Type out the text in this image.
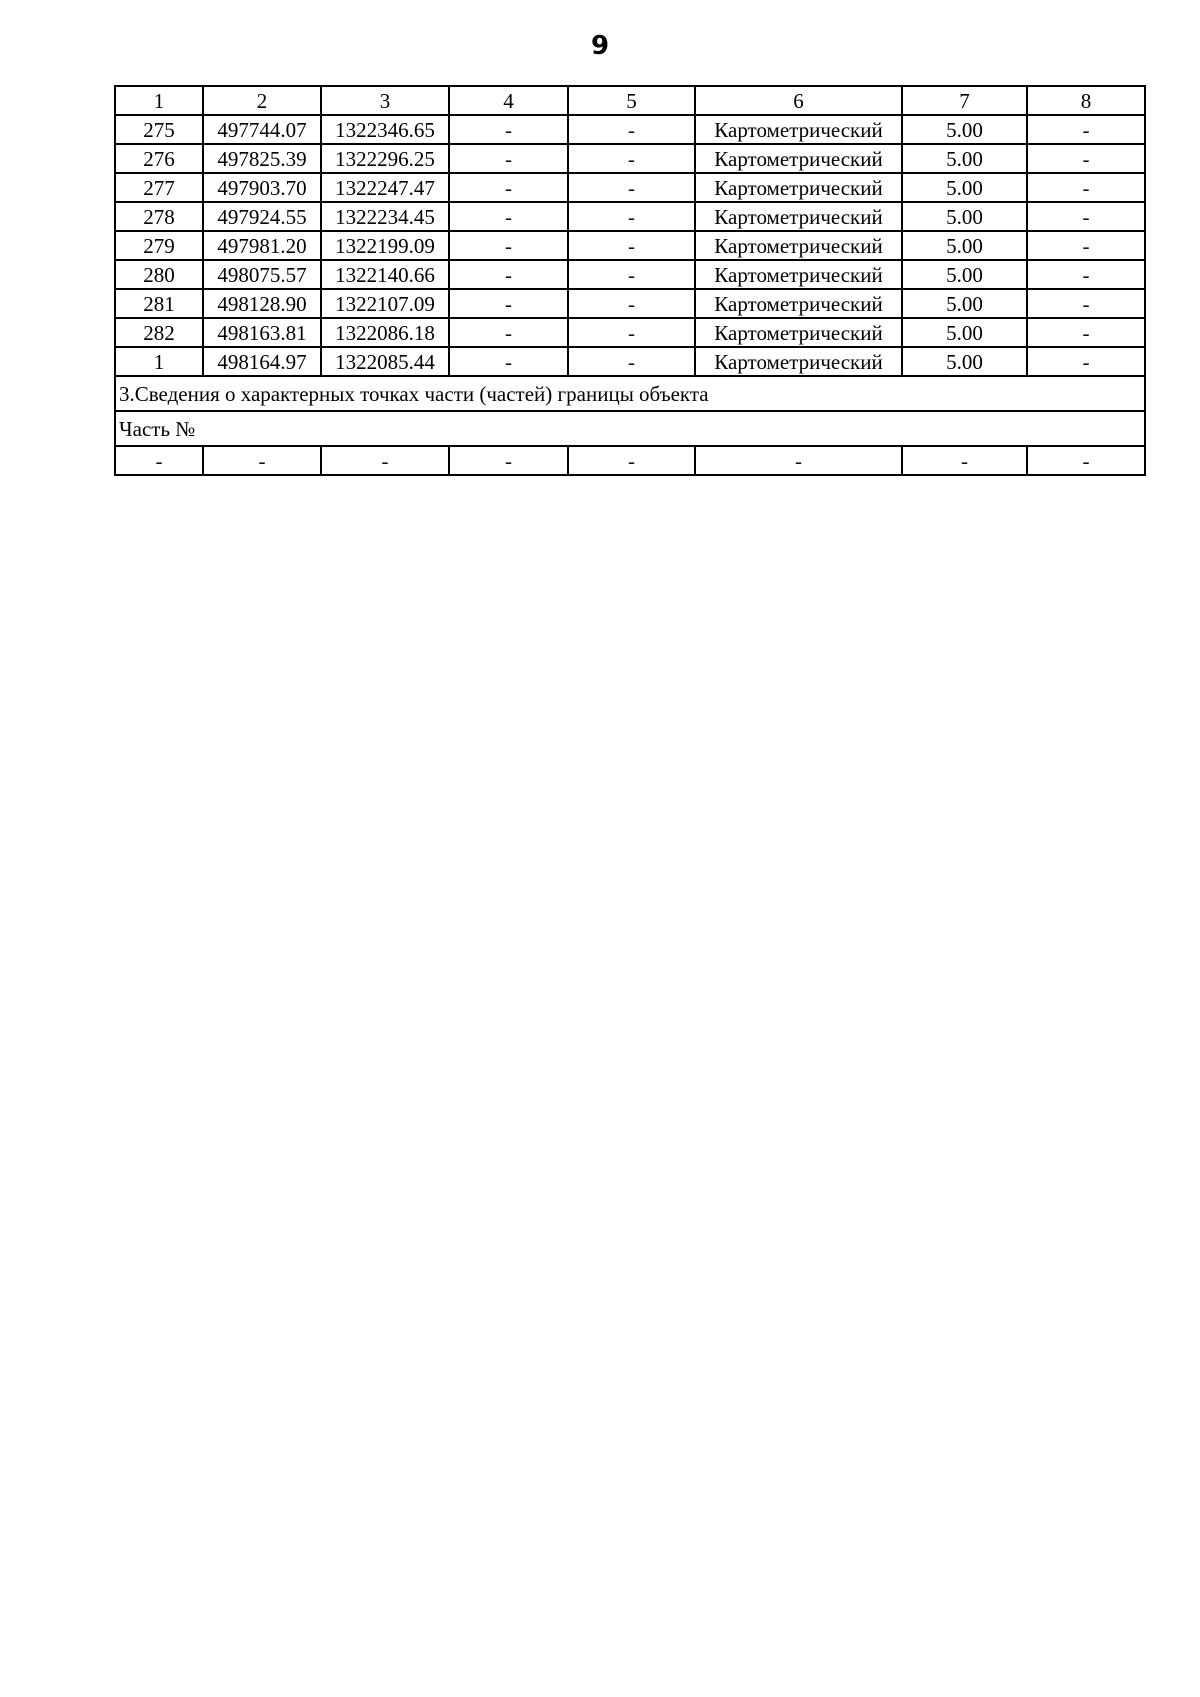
9
1	2	3	4	5	6	7	8
275	497744.07	1322346.65	-	-	Картометрический	5.00	-
276	497825.39	1322296.25	-	-	Картометрический	5.00	-
277	497903.70	1322247.47	-	-	Картометрический	5.00	-
278	497924.55	1322234.45	-	-	Картометрический	5.00	-
279	497981.20	1322199.09	-	-	Картометрический	5.00	-
280	498075.57	1322140.66	-	-	Картометрический	5.00	-
281	498128.90	1322107.09	-	-	Картометрический	5.00	-
282	498163.81	1322086.18	-	-	Картометрический	5.00	-
1	498164.97	1322085.44	-	-	Картометрический	5.00	-
3.Сведения о характерных точках части (частей) границы объекта							
Часть №							
-	-	-	-	-	-	-	-
